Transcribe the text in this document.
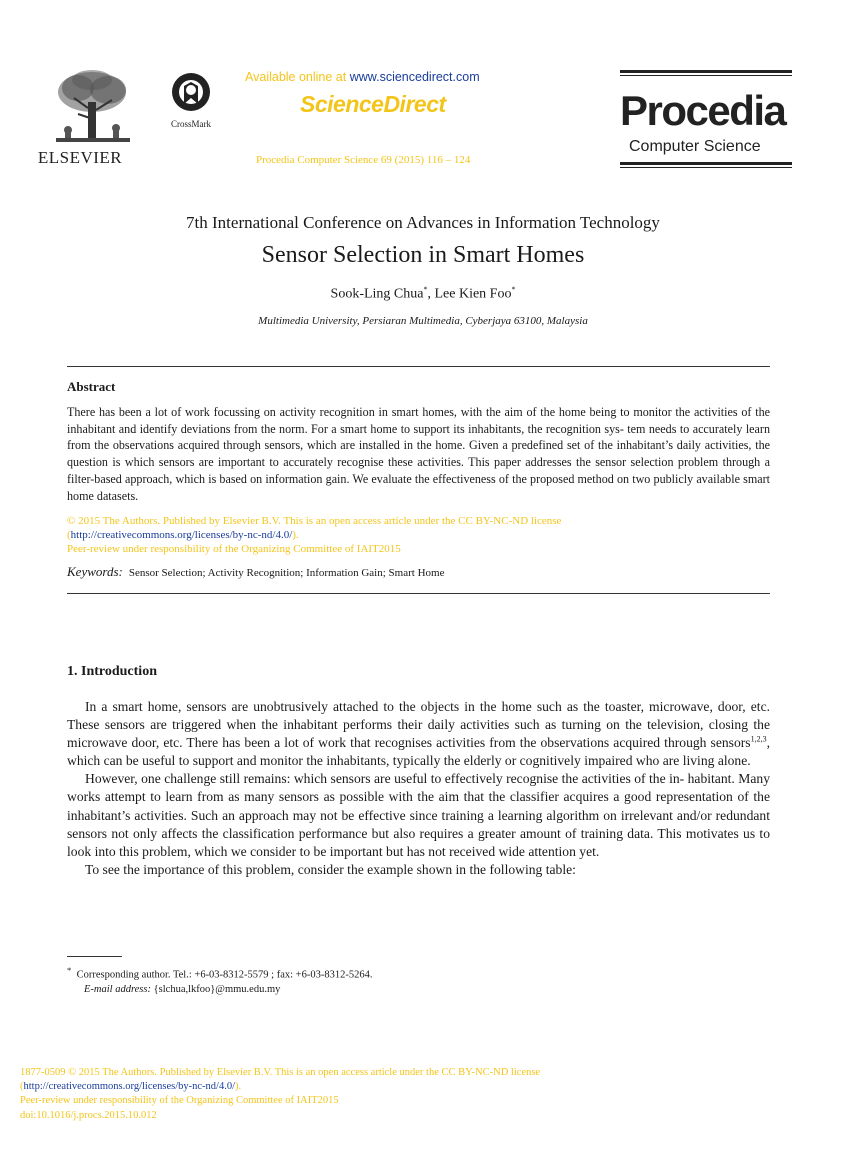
ELSEVIER
CrossMark
Available online at www.sciencedirect.com
ScienceDirect
Procedia Computer Science 69 (2015) 116 – 124
Procedia
Computer Science
7th International Conference on Advances in Information Technology
Sensor Selection in Smart Homes
Sook-Ling Chua*, Lee Kien Foo*
Multimedia University, Persiaran Multimedia, Cyberjaya 63100, Malaysia
Abstract
There has been a lot of work focussing on activity recognition in smart homes, with the aim of the home being to monitor the activities of the inhabitant and identify deviations from the norm. For a smart home to support its inhabitants, the recognition sys- tem needs to accurately learn from the observations acquired through sensors, which are installed in the home. Given a predefined set of the inhabitant’s daily activities, the question is which sensors are important to accurately recognise these activities. This paper addresses the sensor selection problem through a filter-based approach, which is based on information gain. We evaluate the effectiveness of the proposed method on two publicly available smart home datasets.
© 2015 The Authors. Published by Elsevier B.V. This is an open access article under the CC BY-NC-ND license
(http://creativecommons.org/licenses/by-nc-nd/4.0/).
Peer-review under responsibility of the Organizing Committee of IAIT2015
Keywords: Sensor Selection; Activity Recognition; Information Gain; Smart Home
1. Introduction

In a smart home, sensors are unobtrusively attached to the objects in the home such as the toaster, microwave, door, etc. These sensors are triggered when the inhabitant performs their daily activities such as turning on the television, closing the microwave door, etc. There has been a lot of work that recognises activities from the observations acquired through sensors$^{1,2,3}$, which can be useful to support and monitor the inhabitants, typically the elderly or cognitively impaired who are living alone.

However, one challenge still remains: which sensors are useful to effectively recognise the activities of the in- habitant. Many works attempt to learn from as many sensors as possible with the aim that the classifier acquires a good representation of the inhabitant’s activities. Such an approach may not be effective since training a learning algorithm on irrelevant and/or redundant sensors not only affects the classification performance but also requires a greater amount of training data. This motivates us to look into this problem, which we consider to be important but has not received wide attention yet.

To see the importance of this problem, consider the example shown in the following table:

* Corresponding author. Tel.: +6-03-8312-5579 ; fax: +6-03-8312-5264.
E-mail address: {slchua,lkfoo}@mmu.edu.my
1877-0509 © 2015 The Authors. Published by Elsevier B.V. This is an open access article under the CC BY-NC-ND license
(http://creativecommons.org/licenses/by-nc-nd/4.0/).
Peer-review under responsibility of the Organizing Committee of IAIT2015
doi:10.1016/j.procs.2015.10.012
